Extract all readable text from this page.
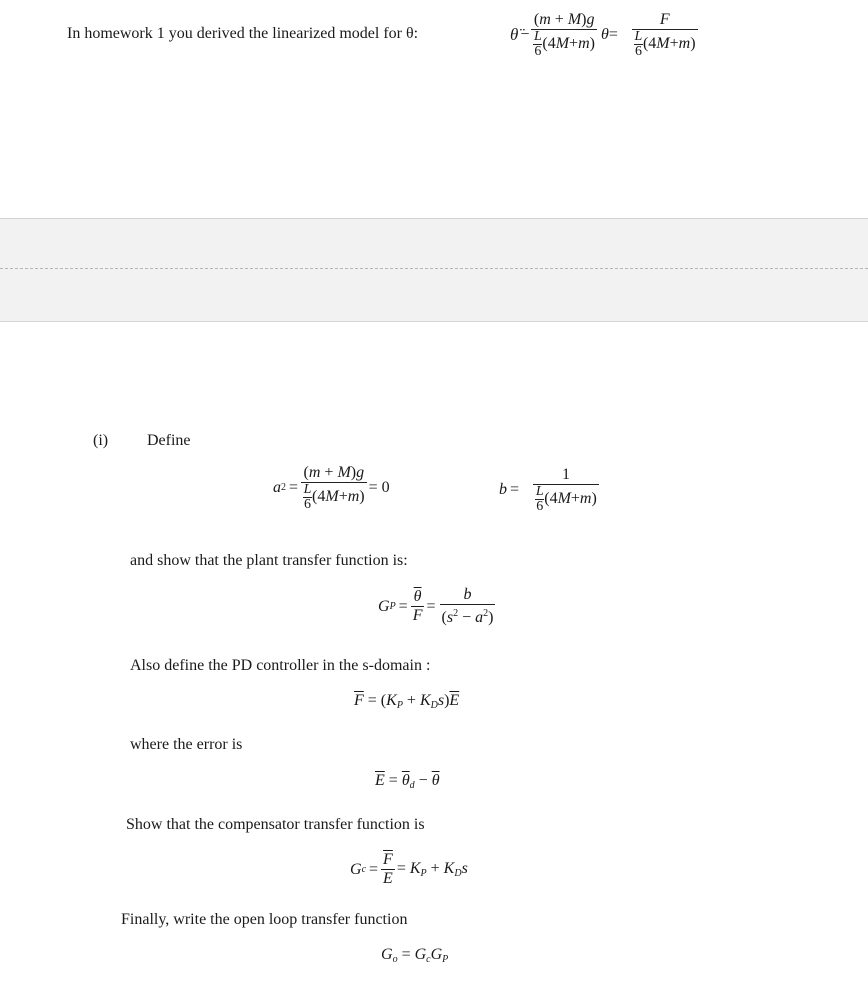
In homework 1 you derived the linearized model for θ:	θ̈ − (m + M)g
L
6 (4 M + m ) θ = F
L
6 (4 M + m )
(i) Define
a 2 = (m + M)g
L
6 (4 M + m ) = 0	b = 1
L
6 (4 M + m )
and show that the plant transfer function is:
G $P = \frac{\overline{\theta}}{F} = \frac{b}{(s^2 - a^2)}$
Also define the PD controller in the s-domain :
$\overline{F} = (K_P + K_Ds)\overline{E}$
where the error is
$\overline{E} = \overline{\theta}_d - \overline{\theta}$
Show that the compensator transfer function is
G $c = \frac{\overline{F}}{E} = K_P + K_Ds$
Finally, write the open loop transfer function
$G_o = G_cG_P$
